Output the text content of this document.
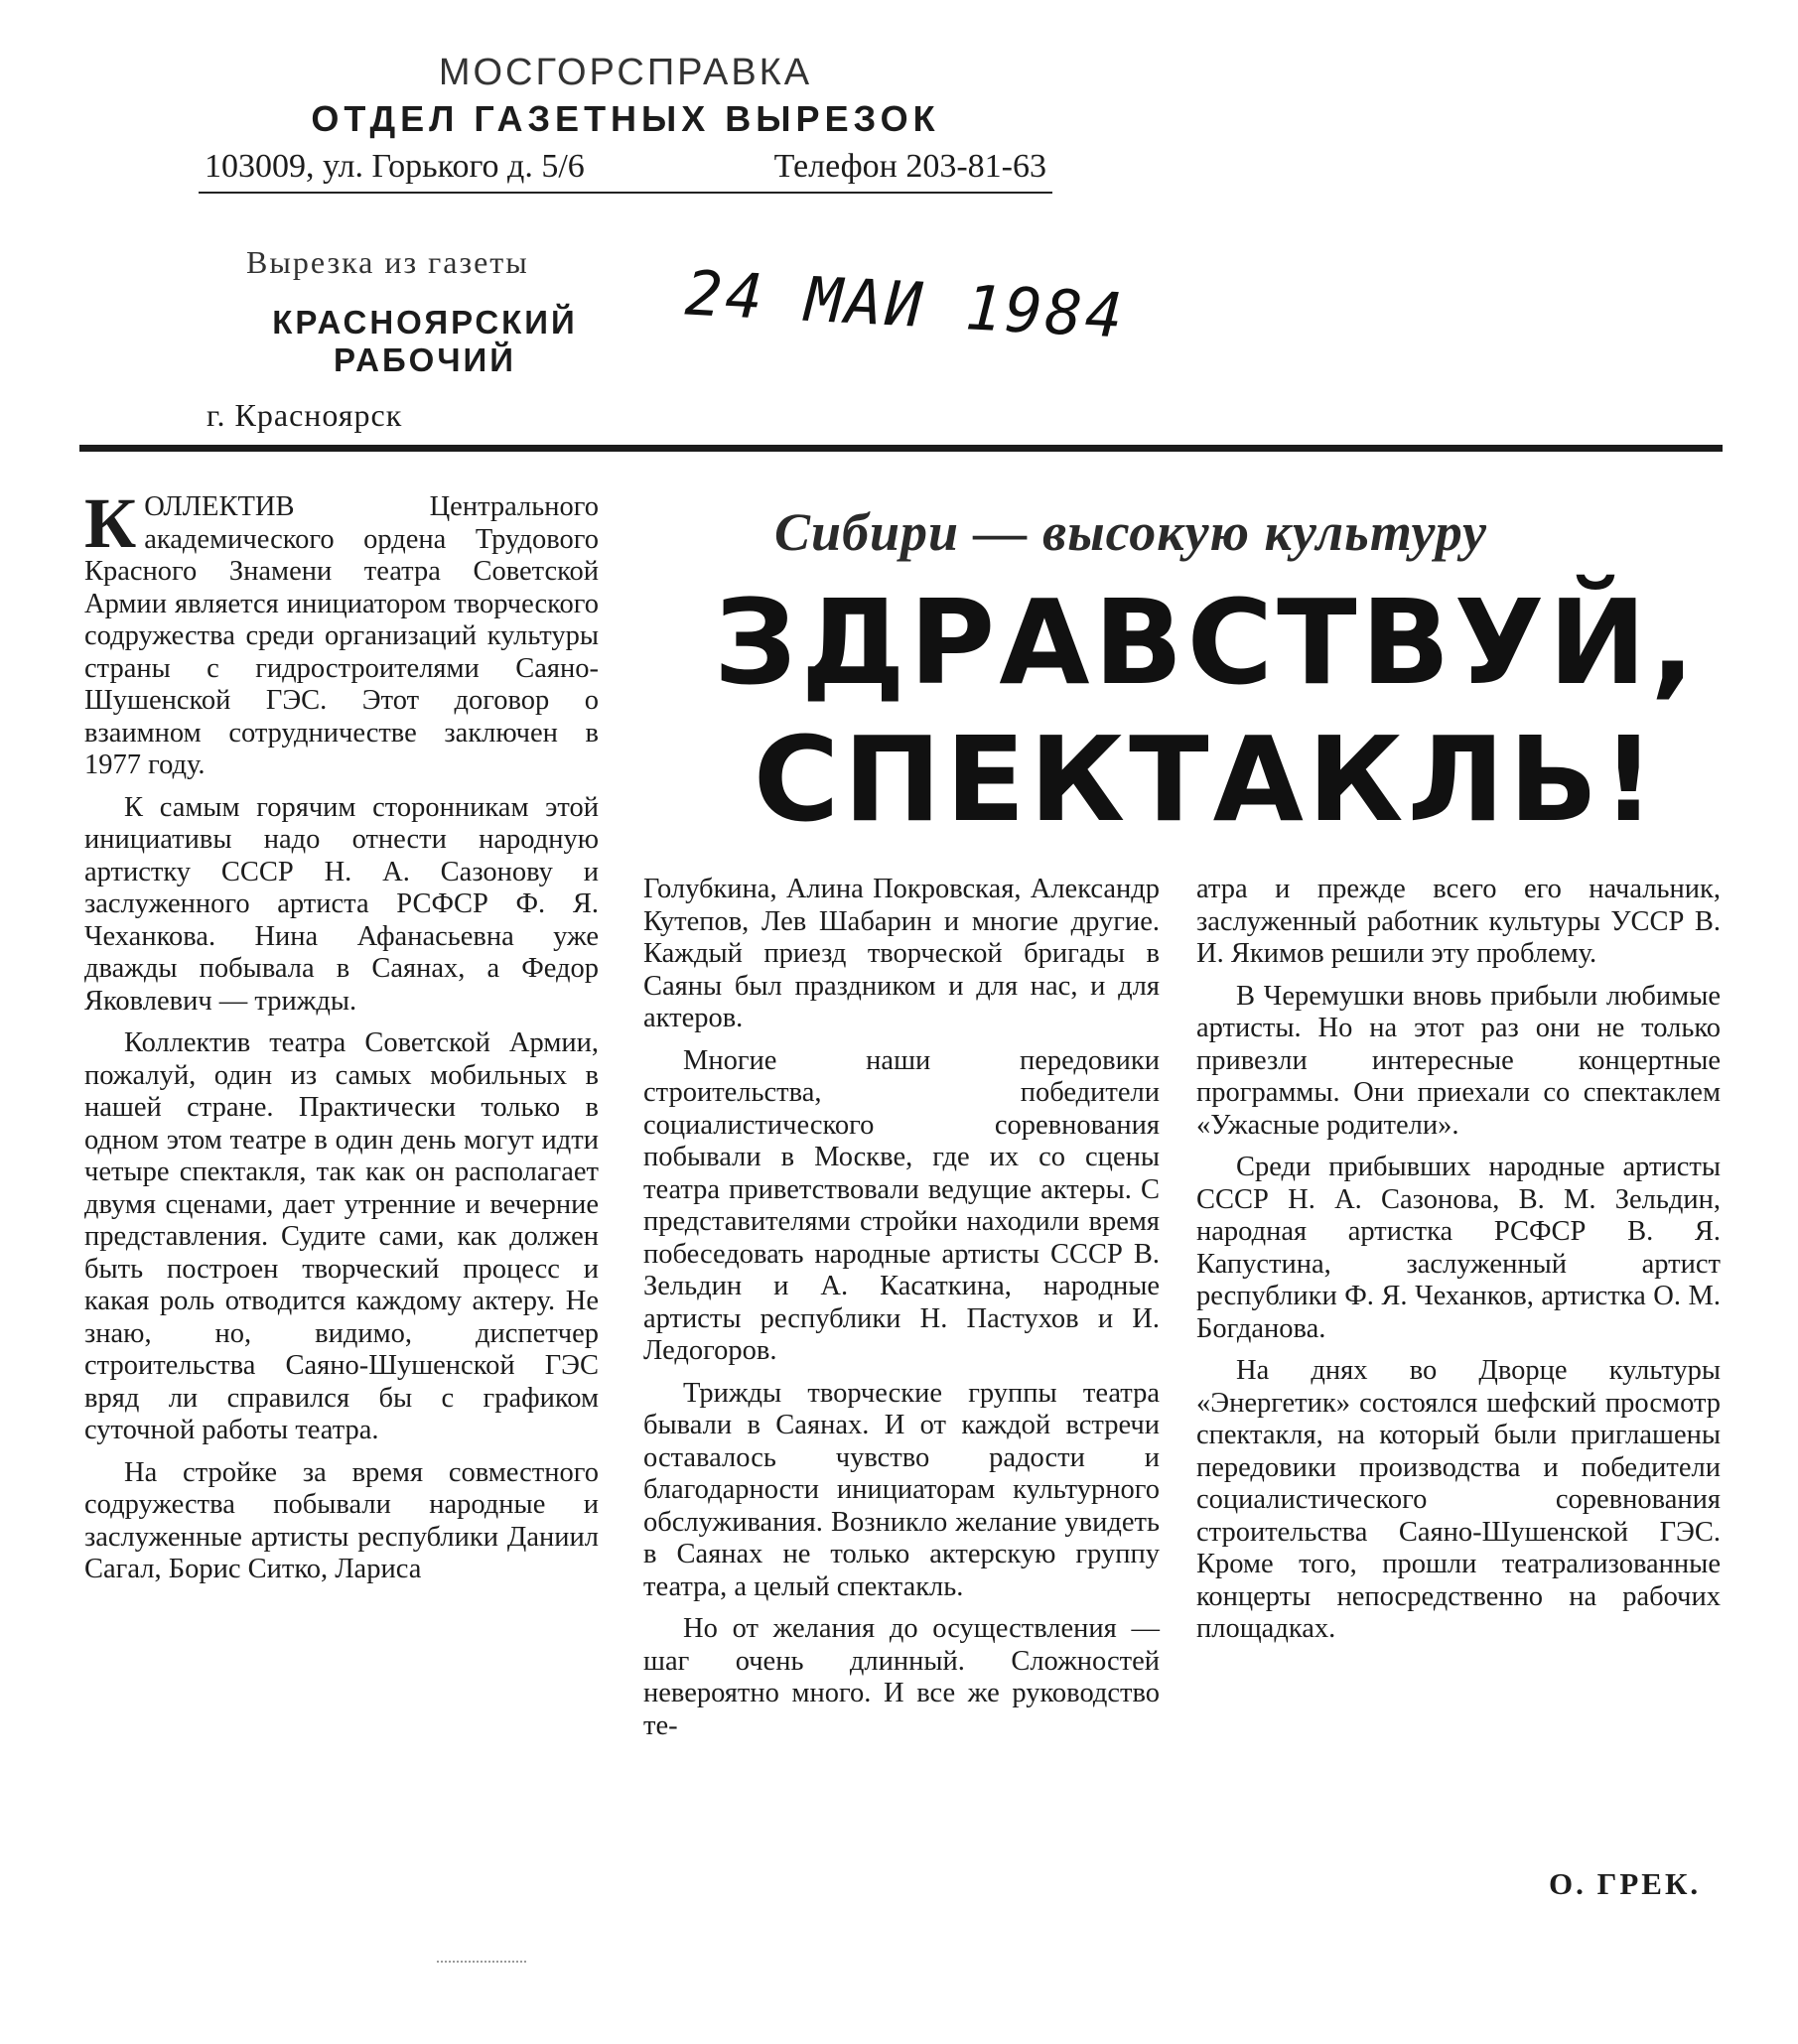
МОСГОРСПРАВКА
ОТДЕЛ ГАЗЕТНЫХ ВЫРЕЗОК
103009, ул. Горького д. 5/6	Телефон 203-81-63
Вырезка из газеты
КРАСНОЯРСКИЙ
РАБОЧИЙ
г. Красноярск
24 МАИ 1984
Сибири — высокую культуру
ЗДРАВСТВУЙ,
СПЕКТАКЛЬ!

КОЛЛЕКТИВ Центрального академического ордена Трудового Красного Знамени театра Советской Армии является инициатором творческого содружества среди организаций культуры страны с гидростроителями Саяно-Шушенской ГЭС. Этот договор о взаимном сотрудничестве заключен в 1977 году.

К самым горячим сторонникам этой инициативы надо отнести народную артистку СССР Н. А. Сазонову и заслуженного артиста РСФСР Ф. Я. Чеханкова. Нина Афанасьевна уже дважды побывала в Саянах, а Федор Яковлевич — трижды.

Коллектив театра Советской Армии, пожалуй, один из самых мобильных в нашей стране. Практически только в одном этом театре в один день могут идти четыре спектакля, так как он располагает двумя сценами, дает утренние и вечерние представления. Судите сами, как должен быть построен творческий процесс и какая роль отводится каждому актеру. Не знаю, но, видимо, диспетчер строительства Саяно-Шушенской ГЭС вряд ли справился бы с графиком суточной работы театра.

На стройке за время совместного содружества побывали народные и заслуженные артисты республики Даниил Сагал, Борис Ситко, Лариса

Голубкина, Алина Покровская, Александр Кутепов, Лев Шабарин и многие другие. Каждый приезд творческой бригады в Саяны был праздником и для нас, и для актеров.

Многие наши передовики строительства, победители социалистического соревнования побывали в Москве, где их со сцены театра приветствовали ведущие актеры. С представителями стройки находили время побеседовать народные артисты СССР В. Зельдин и А. Касаткина, народные артисты республики Н. Пастухов и И. Ледогоров.

Трижды творческие группы театра бывали в Саянах. И от каждой встречи оставалось чувство радости и благодарности инициаторам культурного обслуживания. Возникло желание увидеть в Саянах не только актерскую группу театра, а целый спектакль.

Но от желания до осуществления — шаг очень длинный. Сложностей невероятно много. И все же руководство те-

атра и прежде всего его начальник, заслуженный работник культуры УССР В. И. Якимов решили эту проблему.

В Черемушки вновь прибыли любимые артисты. Но на этот раз они не только привезли интересные концертные программы. Они приехали со спектаклем «Ужасные родители».

Среди прибывших народные артисты СССР Н. А. Сазонова, В. М. Зельдин, народная артистка РСФСР В. Я. Капустина, заслуженный артист республики Ф. Я. Чеханков, артистка О. М. Богданова.

На днях во Дворце культуры «Энергетик» состоялся шефский просмотр спектакля, на который были приглашены передовики производства и победители социалистического соревнования строительства Саяно-Шушенской ГЭС. Кроме того, прошли театрализованные концерты непосредственно на рабочих площадках.

О. ГРЕК.
